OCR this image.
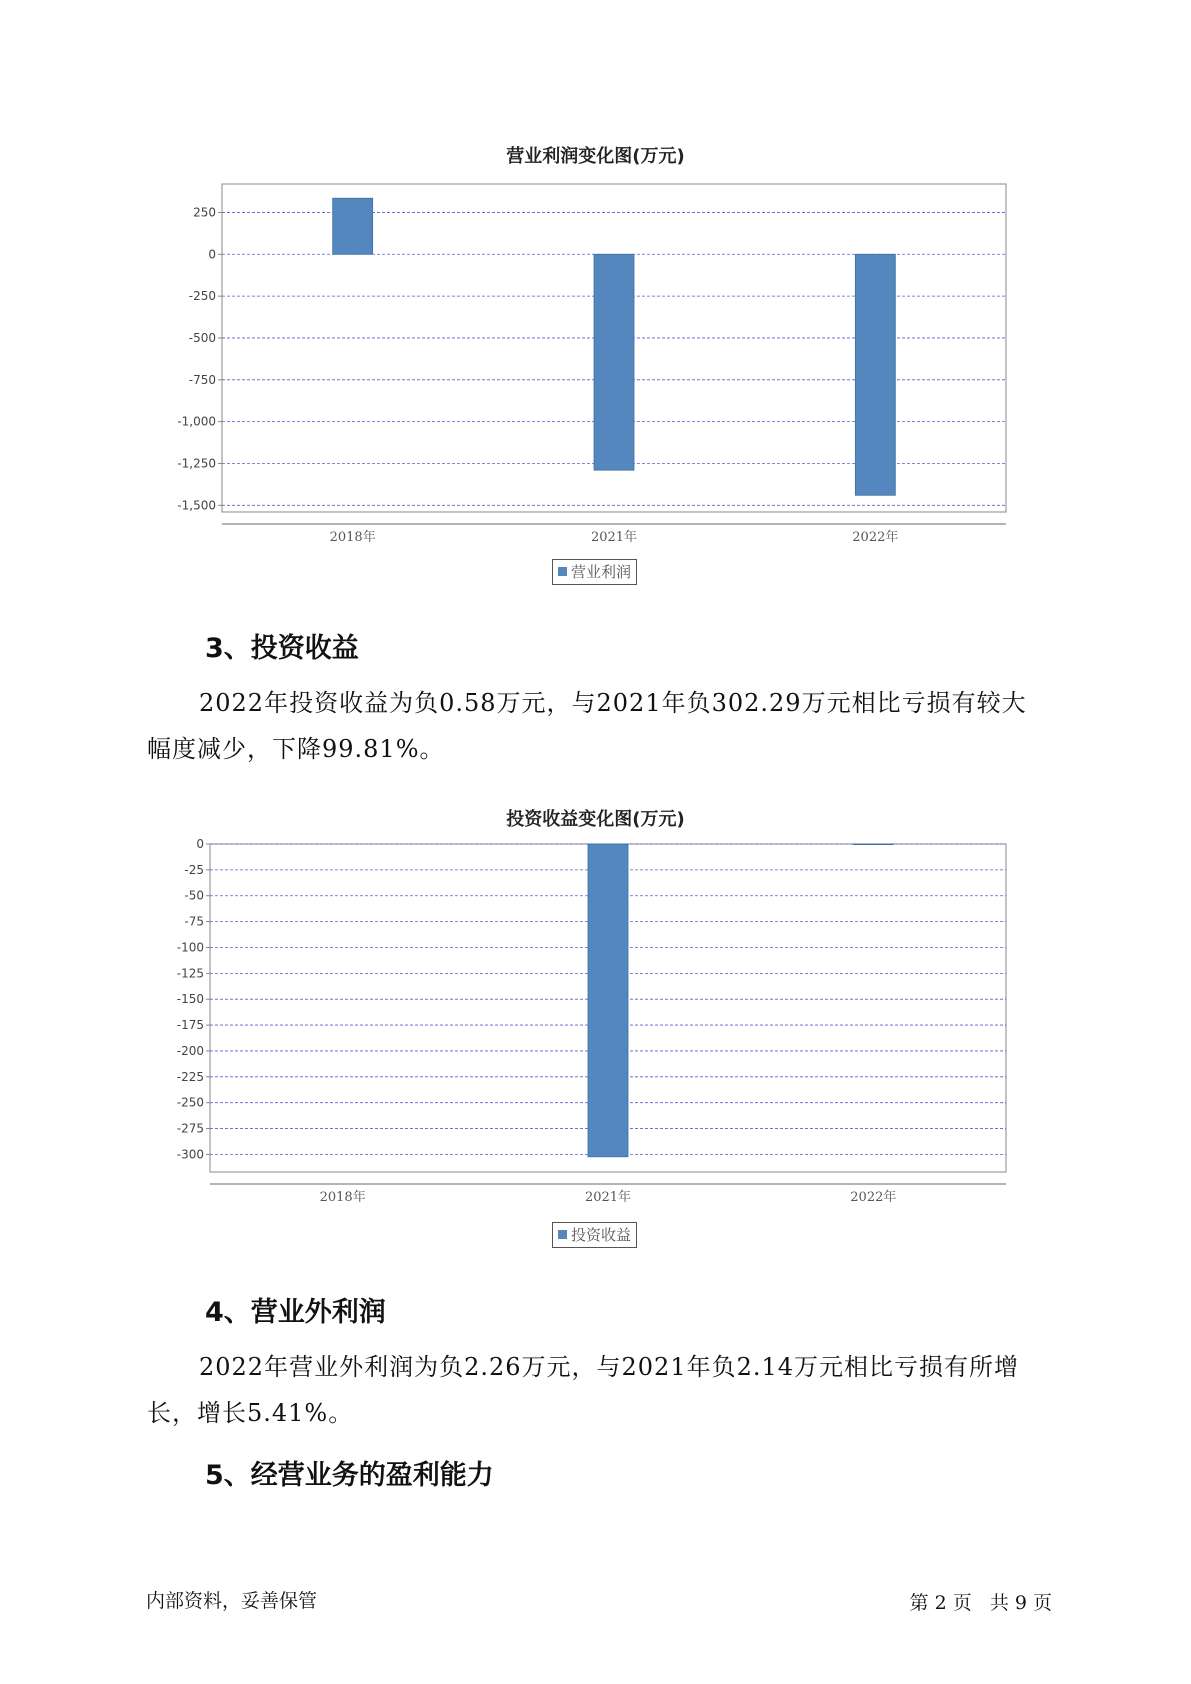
营业利润变化图(万元)
250
0
-250
-500
-750
-1,000
-1,250
-1,500
2018年	2021年	2022年
营业利润
3、投资收益

2022年投资收益为负0.58万元，与2021年负302.29万元相比亏损有较大幅度减少，下降99.81%。

投资收益变化图(万元)
0
-25
-50
-75
-100
-125
-150
-175
-200
-225
-250
-275
-300
2018年	2021年	2022年
投资收益
4、营业外利润

2022年营业外利润为负2.26万元，与2021年负2.14万元相比亏损有所增长，增长5.41%。

5、经营业务的盈利能力
内部资料，妥善保管	第 2 页   共 9 页
